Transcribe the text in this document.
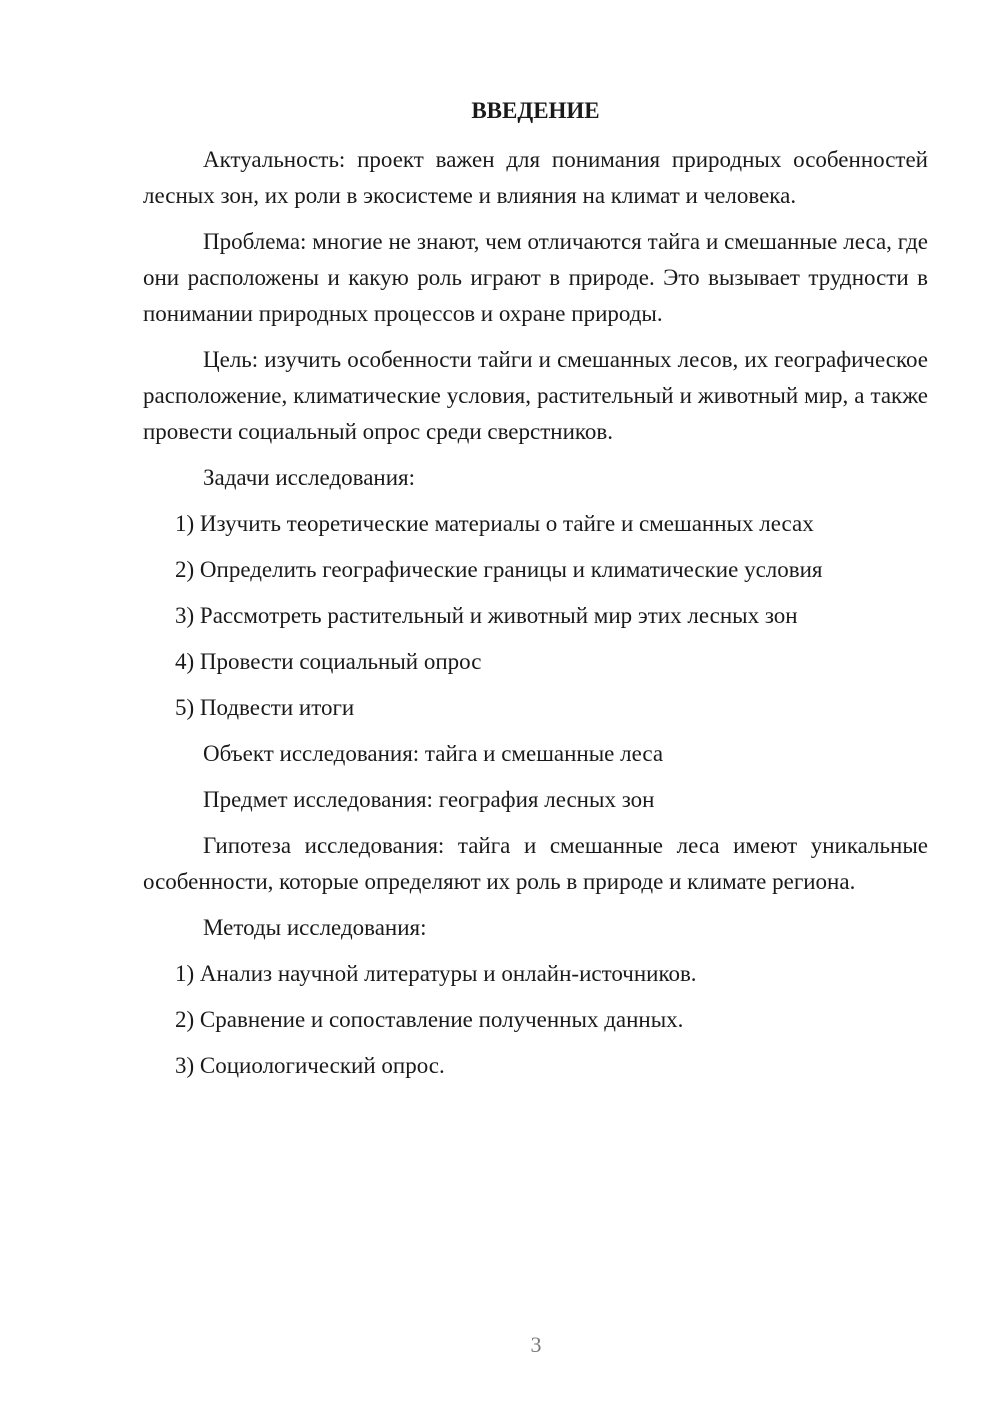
ВВЕДЕНИЕ

Актуальность: проект важен для понимания природных особенностей лесных зон, их роли в экосистеме и влияния на климат и человека.

Проблема: многие не знают, чем отличаются тайга и смешанные леса, где они расположены и какую роль играют в природе. Это вызывает трудности в понимании природных процессов и охране природы.

Цель: изучить особенности тайги и смешанных лесов, их географическое расположение, климатические условия, растительный и животный мир, а также провести социальный опрос среди сверстников.

Задачи исследования:

1) Изучить теоретические материалы о тайге и смешанных лесах

2) Определить географические границы и климатические условия

3) Рассмотреть растительный и животный мир этих лесных зон

4) Провести социальный опрос

5) Подвести итоги

Объект исследования: тайга и смешанные леса

Предмет исследования: география лесных зон

Гипотеза исследования: тайга и смешанные леса имеют уникальные особенности, которые определяют их роль в природе и климате региона.

Методы исследования:

1) Анализ научной литературы и онлайн-источников.

2) Сравнение и сопоставление полученных данных.

3) Социологический опрос.

3
